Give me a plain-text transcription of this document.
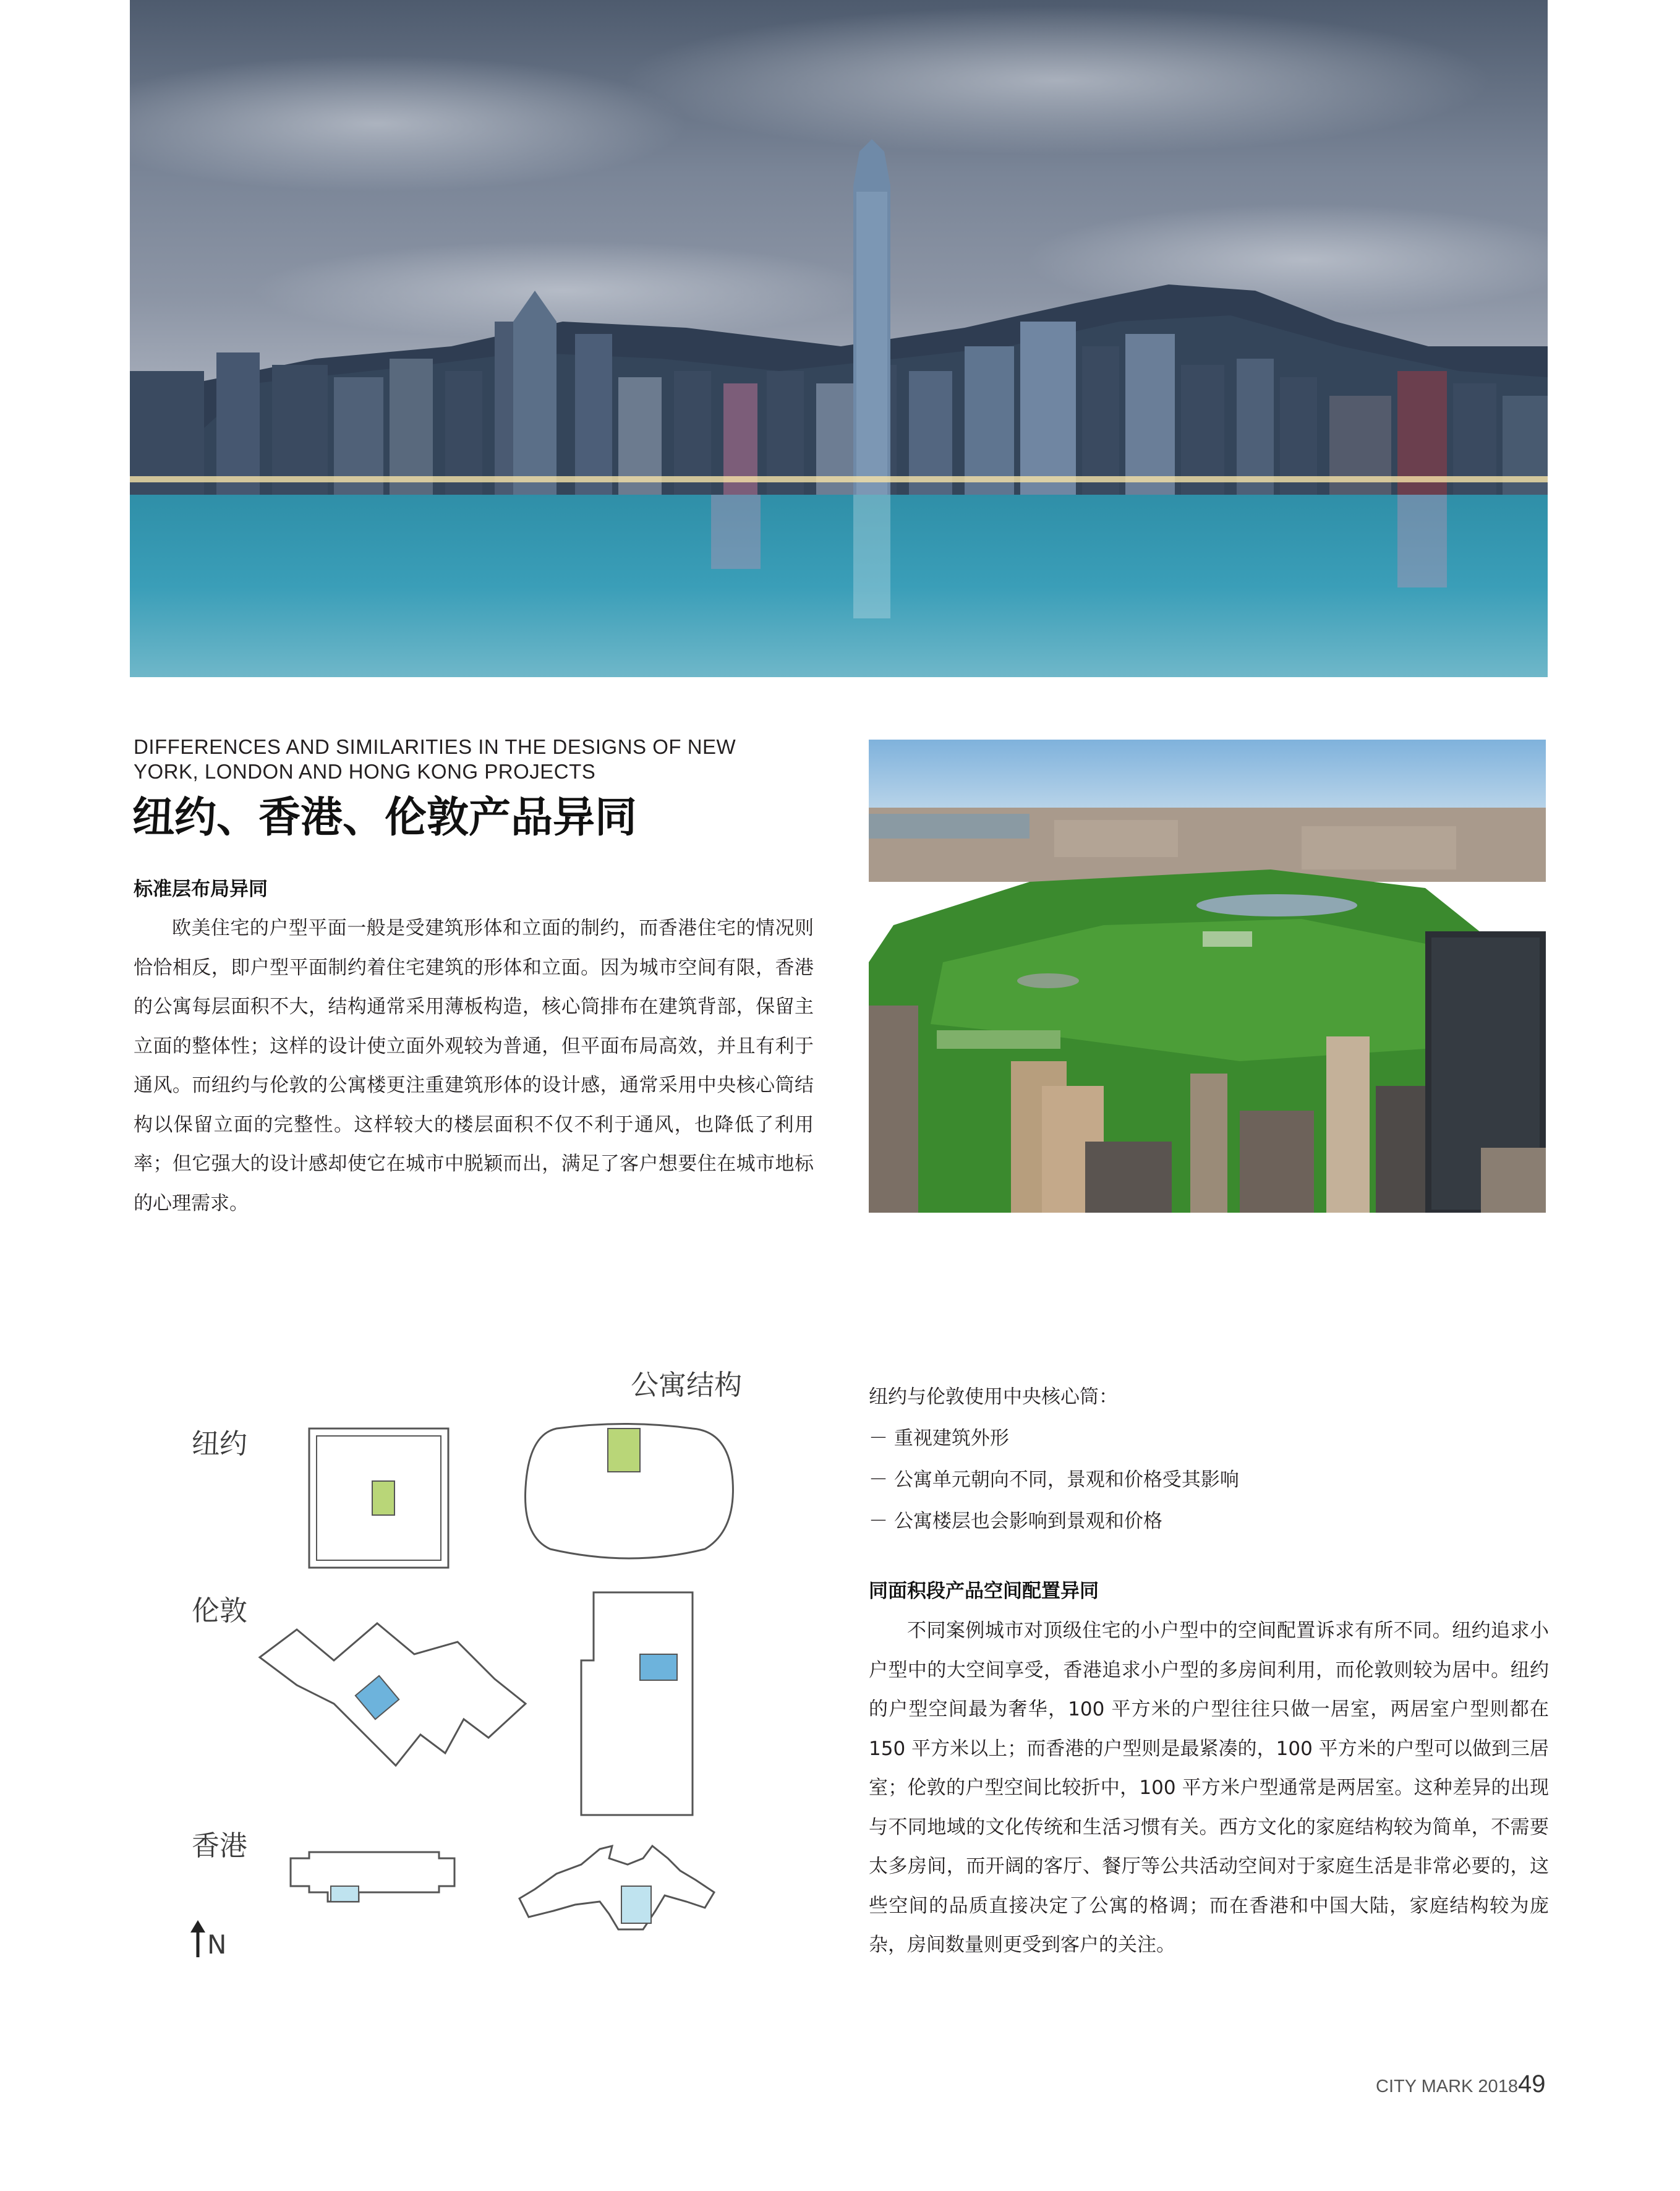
DIFFERENCES AND SIMILARITIES IN THE DESIGNS OF NEW
YORK, LONDON AND HONG KONG PROJECTS
纽约、香港、伦敦产品异同
标准层布局异同

欧美住宅的户型平面一般是受建筑形体和立面的制约，而香港住宅的情况则恰恰相反，即户型平面制约着住宅建筑的形体和立面。因为城市空间有限，香港的公寓每层面积不大，结构通常采用薄板构造，核心筒排布在建筑背部，保留主立面的整体性；这样的设计使立面外观较为普通，但平面布局高效，并且有利于通风。而纽约与伦敦的公寓楼更注重建筑形体的设计感，通常采用中央核心筒结构以保留立面的完整性。这样较大的楼层面积不仅不利于通风，也降低了利用率；但它强大的设计感却使它在城市中脱颖而出，满足了客户想要住在城市地标的心理需求。

公寓结构
纽约
伦敦
香港
N
纽约与伦敦使用中央核心筒：
－ 重视建筑外形
－ 公寓单元朝向不同，景观和价格受其影响
－ 公寓楼层也会影响到景观和价格
同面积段产品空间配置异同

不同案例城市对顶级住宅的小户型中的空间配置诉求有所不同。纽约追求小户型中的大空间享受，香港追求小户型的多房间利用，而伦敦则较为居中。纽约的户型空间最为奢华，100 平方米的户型往往只做一居室，两居室户型则都在 150 平方米以上；而香港的户型则是最紧凑的，100 平方米的户型可以做到三居室；伦敦的户型空间比较折中，100 平方米户型通常是两居室。这种差异的出现与不同地域的文化传统和生活习惯有关。西方文化的家庭结构较为简单，不需要太多房间，而开阔的客厅、餐厅等公共活动空间对于家庭生活是非常必要的，这些空间的品质直接决定了公寓的格调；而在香港和中国大陆，家庭结构较为庞杂，房间数量则更受到客户的关注。

CITY MARK 2018 49
